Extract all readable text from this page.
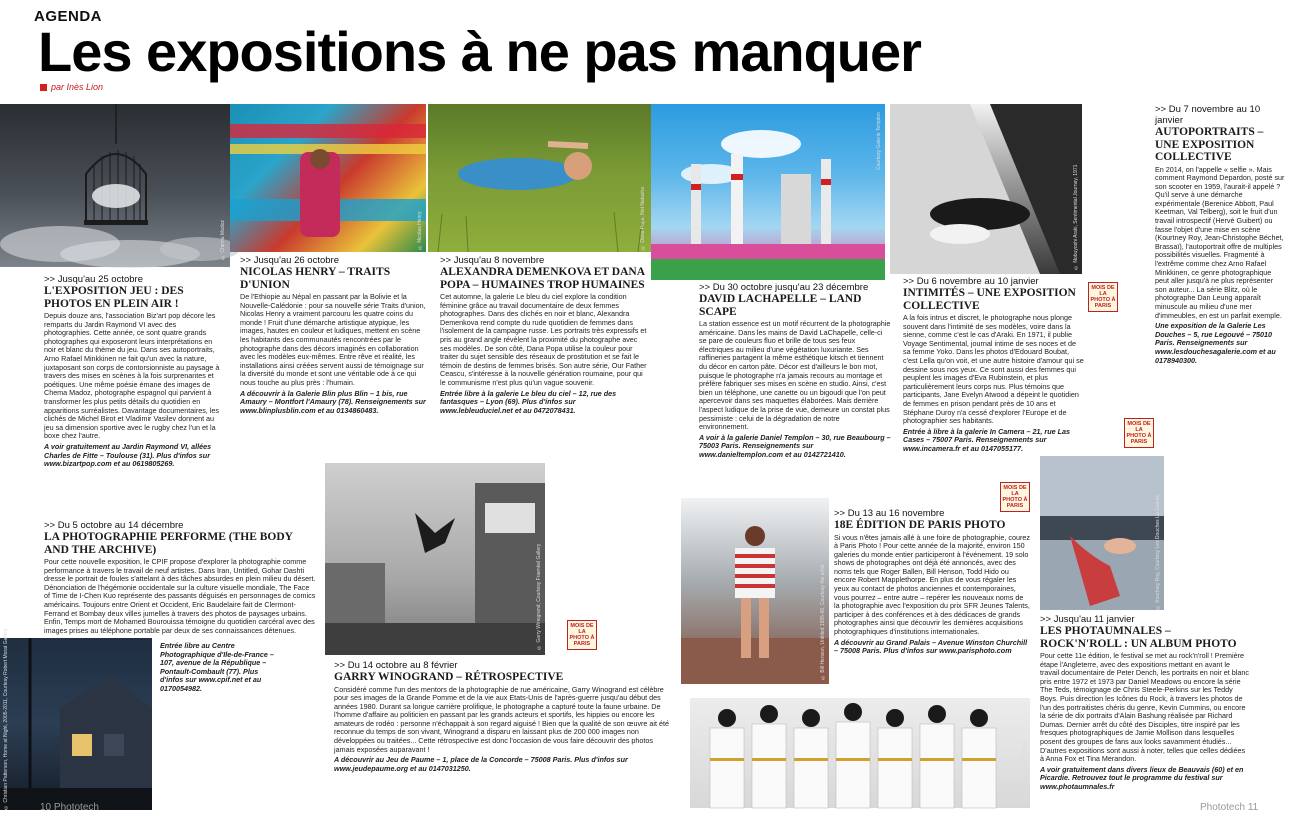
AGENDA
Les expositions à ne pas manquer
par Inès Lion
© Chema Madoz	© Nicolas Henry	© Dana Popa, Not Natasha
Courtesy Galerie Templon
© Nobuyoshi Araki, Sentimental Journey, 1971
© Kourtney Roy, Courtesy Les Douches La Galerie
© Christian Patterson, Home at Night, 2005-2011, Courtesy Robert Morat Gallery
© Garry Winogrand, Courtesy Fraenkel Gallery	© Bill Henson, Untitled 1985-86, Courtesy the artist
© Jamie Mollison, Disciples
MOIS DE LA PHOTO À PARIS
MOIS DE LA PHOTO À PARIS
MOIS DE LA PHOTO À PARIS
MOIS DE LA PHOTO À PARIS
>> Jusqu'au 25 octobre
L'EXPOSITION JEU : DES PHOTOS EN PLEIN AIR !
Depuis douze ans, l'association Biz'art pop décore les remparts du Jardin Raymond VI avec des photographies. Cette année, ce sont quatre grands photographes qui exposeront leurs interprétations en noir et blanc du thème du jeu. Dans ses autoportraits, Arno Rafael Minkkinen ne fait qu'un avec la nature, juxtaposant son corps de contorsionniste au paysage à travers des mises en scènes à la fois surprenantes et poétiques. Une même poésie émane des images de Chema Madoz, photographe espagnol qui parvient à transformer les plus petits détails du quotidien en apparitions surréalistes. Davantage documentaires, les clichés de Michel Birot et Vladimir Vasilev donnent au jeu sa dimension sportive avec le rugby chez l'un et la boxe chez l'autre.
A voir gratuitement au Jardin Raymond VI, allées Charles de Fitte – Toulouse (31). Plus d'infos sur www.bizartpop.com et au 0619805269.
>> Jusqu'au 26 octobre
NICOLAS HENRY – TRAITS D'UNION
De l'Ethiopie au Népal en passant par la Bolivie et la Nouvelle-Calédonie : pour sa nouvelle série Traits d'union, Nicolas Henry a vraiment parcouru les quatre coins du monde ! Fruit d'une démarche artistique atypique, les images, hautes en couleur et ludiques, mettent en scène les habitants des communautés rencontrées par le photographe dans des décors imaginés en collaboration avec les modèles eux-mêmes. Entre rêve et réalité, les installations ainsi créées servent aussi de témoignage sur la diversité du monde et sont une véritable ode à ce qui nous touche au plus près : l'humain.
A découvrir à la Galerie Blin plus Blin – 1 bis, rue Amaury – Montfort l'Amaury (78). Renseignements sur www.blinplusblin.com et au 0134860483.
>> Jusqu'au 8 novembre
ALEXANDRA DEMENKOVA ET DANA POPA – HUMAINES TROP HUMAINES
Cet automne, la galerie Le bleu du ciel explore la condition féminine grâce au travail documentaire de deux femmes photographes. Dans des clichés en noir et blanc, Alexandra Demenkova rend compte du rude quotidien de femmes dans l'isolement de la campagne russe. Les portraits très expressifs et pris au grand angle révèlent la proximité du photographe avec ses modèles. De son côté, Dana Popa utilise la couleur pour traiter du sujet sensible des réseaux de prostitution et se fait le témoin de destins de femmes brisés. Son autre série, Our Father Ceascu, s'intéresse à la nouvelle génération roumaine, pour qui le communisme n'est plus qu'un vague souvenir.
Entrée libre à la galerie Le bleu du ciel – 12, rue des fantasques – Lyon (69). Plus d'infos sur www.lebleuduciel.net et au 0472078431.
>> Du 30 octobre jusqu'au 23 décembre
DAVID LACHAPELLE – LAND SCAPE
La station essence est un motif récurrent de la photographie américaine. Dans les mains de David LaChapelle, celle-ci se pare de couleurs fluo et brille de tous ses feux électriques au milieu d'une végétation luxuriante. Ses raffineries partagent la même esthétique kitsch et tiennent du décor en carton pâte. Décor est d'ailleurs le bon mot, puisque le photographe n'a jamais recours au montage et préfère fabriquer ses mises en scène en studio. Ainsi, c'est bien un téléphone, une canette ou un bigoudi que l'on peut apercevoir dans ses maquettes élaborées. Mais derrière l'aspect ludique de la prise de vue, demeure un constat plus pessimiste : celui de la dégradation de notre environnement.
A voir à la galerie Daniel Templon – 30, rue Beaubourg – 75003 Paris. Renseignements sur www.danieltemplon.com et au 0142721410.
>> Du 6 novembre au 10 janvier
INTIMITÉS – UNE EXPOSITION COLLECTIVE
A la fois intrus et discret, le photographe nous plonge souvent dans l'intimité de ses modèles, voire dans la sienne, comme c'est le cas d'Araki. En 1971, il publie Voyage Sentimental, journal intime de ses noces et de sa femme Yoko. Dans les photos d'Edouard Boubat, c'est Lella qu'on voit, et une autre histoire d'amour qui se dessine sous nos yeux. Ce sont aussi des femmes qui peuplent les images d'Eva Rubinstein, et plus particulièrement leurs corps nus. Plus témoins que participants, Jane Evelyn Atwood a dépeint le quotidien de femmes en prison pendant près de 10 ans et Stéphane Duroy n'a cessé d'explorer l'Europe et de photographier ses habitants.
Entrée à libre à la galerie In Camera – 21, rue Las Cases – 75007 Paris. Renseignements sur www.incamera.fr et au 0147055177.
>> Du 7 novembre au 10 janvier
AUTOPORTRAITS – UNE EXPOSITION COLLECTIVE
En 2014, on l'appelle « selfie ». Mais comment Raymond Depardon, posté sur son scooter en 1959, l'aurait-il appelé ? Qu'il serve à une démarche expérimentale (Berenice Abbott, Paul Keetman, Val Telberg), soit le fruit d'un travail introspectif (Hervé Guibert) ou fasse l'objet d'une mise en scène (Kourtney Roy, Jean-Christophe Béchet, Brassaï), l'autoportrait offre de multiples possibilités visuelles. Fragmenté à l'extrême comme chez Arno Rafael Minkkinen, ce genre photographique peut aller jusqu'à ne plus représenter son auteur... La série Blitz, où le photographe Dan Leung apparaît minuscule au milieu d'une mer d'immeubles, en est un parfait exemple.
Une exposition de la Galerie Les Douches – 5, rue Legouvé – 75010 Paris. Renseignements sur www.lesdouchesagalerie.com et au 0178940300.
>> Du 5 octobre au 14 décembre
LA PHOTOGRAPHIE PERFORME (THE BODY AND THE ARCHIVE)
Pour cette nouvelle exposition, le CPIF propose d'explorer la photographie comme performance à travers le travail de neuf artistes. Dans Iran, Untitled, Gohar Dashti dresse le portrait de foules s'attelant à des tâches absurdes en plein milieu du désert. Dénonciation de l'hégémonie occidentale sur la culture visuelle mondiale, The Face of Time de I-Chen Kuo représente des passants déguisés en personnages de comics américains. Toujours entre Orient et Occident, Eric Baudelaire fait de Clermont-Ferrand et Bombay deux villes jumelles à travers des photos de paysages urbains. Enfin, Temps mort de Mohamed Bourouissa témoigne du quotidien carcéral avec des images prises au téléphone portable par deux de ses connaissances détenues.
Entrée libre au Centre Photographique d'Ile-de-France – 107, avenue de la République – Pontault-Combault (77). Plus d'infos sur www.cpif.net et au 0170054982.
>> Du 14 octobre au 8 février
GARRY WINOGRAND – RÉTROSPECTIVE
Considéré comme l'un des mentors de la photographie de rue américaine, Garry Winogrand est célèbre pour ses images de la Grande Pomme et de la vie aux Etats-Unis de l'après-guerre jusqu'au début des années 1980. Durant sa longue carrière prolifique, le photographe a capturé toute la faune urbaine. De l'homme d'affaire au politicien en passant par les grands acteurs et sportifs, les hippies ou encore les amateurs de rodéo : personne n'échappait à son regard aiguisé ! Bien que la qualité de son œuvre ait été reconnue du temps de son vivant, Winogrand a disparu en laissant plus de 200 000 images non développées ou traitées... Cette rétrospective est donc l'occasion de vous faire découvrir des photos jamais exposées auparavant !
A découvrir au Jeu de Paume – 1, place de la Concorde – 75008 Paris. Plus d'infos sur www.jeudepaume.org et au 0147031250.
>> Du 13 au 16 novembre
18E ÉDITION DE PARIS PHOTO
Si vous n'êtes jamais allé à une foire de photographie, courez à Paris Photo ! Pour cette année de la majorité, environ 150 galeries du monde entier participeront à l'événement. 19 solo shows de photographes ont déjà été annoncés, avec des noms tels que Roger Ballen, Bill Henson, Todd Hido ou encore Robert Mapplethorpe. En plus de vous régaler les yeux au contact de photos anciennes et contemporaines, vous pourrez – entre autre – repérer les nouveaux noms de la photographie avec l'exposition du prix SFR Jeunes Talents, participer à des conférences et à des dédicaces de grands photographes ainsi que découvrir les dernières acquisitions photographiques d'institutions internationales.
A découvrir au Grand Palais – Avenue Winston Churchill – 75008 Paris. Plus d'infos sur www.parisphoto.com
>> Jusqu'au 11 janvier
LES PHOTAUMNALES – ROCK'N'ROLL : UN ALBUM PHOTO
Pour cette 11e édition, le festival se met au rock'n'roll ! Première étape l'Angleterre, avec des expositions mettant en avant le travail documentaire de Peter Dench, les portraits en noir et blanc pris entre 1972 et 1973 par Daniel Meadows ou encore la série The Teds, témoignage de Chris Steele-Perkins sur les Teddy Boys. Puis direction les Icônes du Rock, à travers les photos de l'un des portraitistes chéris du genre, Kevin Cummins, ou encore la série de dix portraits d'Alain Bashung réalisée par Richard Dumas. Dernier arrêt du côté des Disciples, titre inspiré par les fresques photographiques de Jamie Mollison dans lesquelles posent des groupes de fans aux looks savamment étudiés... D'autres expositions sont aussi à noter, telles que celles dédiées à Anna Fox et Tina Merandon.
A voir gratuitement dans divers lieux de Beauvais (60) et en Picardie. Retrouvez tout le programme du festival sur www.photaumnales.fr
10 Phototech	Phototech 11
